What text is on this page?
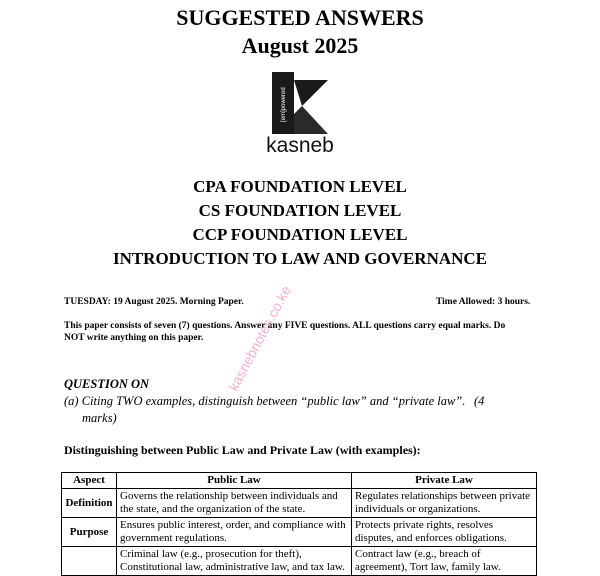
SUGGESTED ANSWERS
August 2025
[em]powered
kasneb
CPA FOUNDATION LEVEL
CS FOUNDATION LEVEL
CCP FOUNDATION LEVEL
INTRODUCTION TO LAW AND GOVERNANCE
TUESDAY: 19 August 2025. Morning Paper.	Time Allowed: 3 hours.
This paper consists of seven (7) questions. Answer any FIVE questions. ALL questions carry equal marks. Do
NOT write anything on this paper.
QUESTION ON
(a) Citing TWO examples, distinguish between “public law” and “private law”. (4
marks)
Distinguishing between Public Law and Private Law (with examples):
Aspect	Public Law	Private Law
Definition	Governs the relationship between individuals and the state, and the organization of the state.	Regulates relationships between private individuals or organizations.
Purpose	Ensures public interest, order, and compliance with government regulations.	Protects private rights, resolves disputes, and enforces obligations.
	Criminal law (e.g., prosecution for theft), Constitutional law, administrative law, and tax law.	Contract law (e.g., breach of agreement), Tort law, family law.
kasnebnotes.co.ke
